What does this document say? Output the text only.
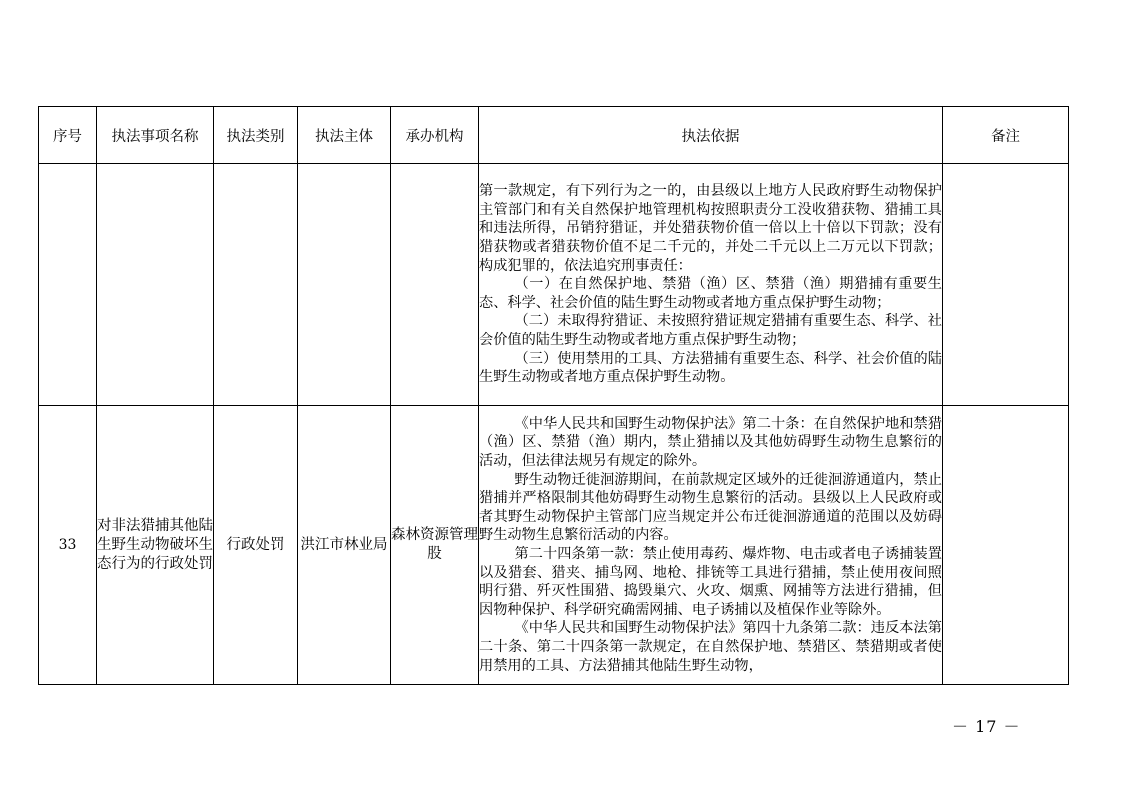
序号	执法事项名称	执法类别	执法主体	承办机构	执法依据	备注

					第一款规定，有下列行为之一的，由县级以上地方人民政府野生动物保护主管部门和有关自然保护地管理机构按照职责分工没收猎获物、猎捕工具和违法所得，吊销狩猎证，并处猎获物价值一倍以上十倍以下罚款；没有猎获物或者猎获物价值不足二千元的，并处二千元以上二万元以下罚款；构成犯罪的，依法追究刑事责任：

（一）在自然保护地、禁猎（渔）区、禁猎（渔）期猎捕有重要生态、科学、社会价值的陆生野生动物或者地方重点保护野生动物；

（二）未取得狩猎证、未按照狩猎证规定猎捕有重要生态、科学、社会价值的陆生野生动物或者地方重点保护野生动物；

（三）使用禁用的工具、方法猎捕有重要生态、科学、社会价值的陆生野生动物或者地方重点保护野生动物。	

33	对非法猎捕其他陆生野生动物破坏生态行为的行政处罚	行政处罚	洪江市林业局	森林资源管理股	《中华人民共和国野生动物保护法》第二十条：在自然保护地和禁猎（渔）区、禁猎（渔）期内，禁止猎捕以及其他妨碍野生动物生息繁衍的活动，但法律法规另有规定的除外。

野生动物迁徙洄游期间，在前款规定区域外的迁徙洄游通道内，禁止猎捕并严格限制其他妨碍野生动物生息繁衍的活动。县级以上人民政府或者其野生动物保护主管部门应当规定并公布迁徙洄游通道的范围以及妨碍野生动物生息繁衍活动的内容。

第二十四条第一款：禁止使用毒药、爆炸物、电击或者电子诱捕装置以及猎套、猎夹、捕鸟网、地枪、排铳等工具进行猎捕，禁止使用夜间照明行猎、歼灭性围猎、捣毁巢穴、火攻、烟熏、网捕等方法进行猎捕，但因物种保护、科学研究确需网捕、电子诱捕以及植保作业等除外。

《中华人民共和国野生动物保护法》第四十九条第二款：违反本法第二十条、第二十四条第一款规定，在自然保护地、禁猎区、禁猎期或者使用禁用的工具、方法猎捕其他陆生野生动物，	

－ 17 －
